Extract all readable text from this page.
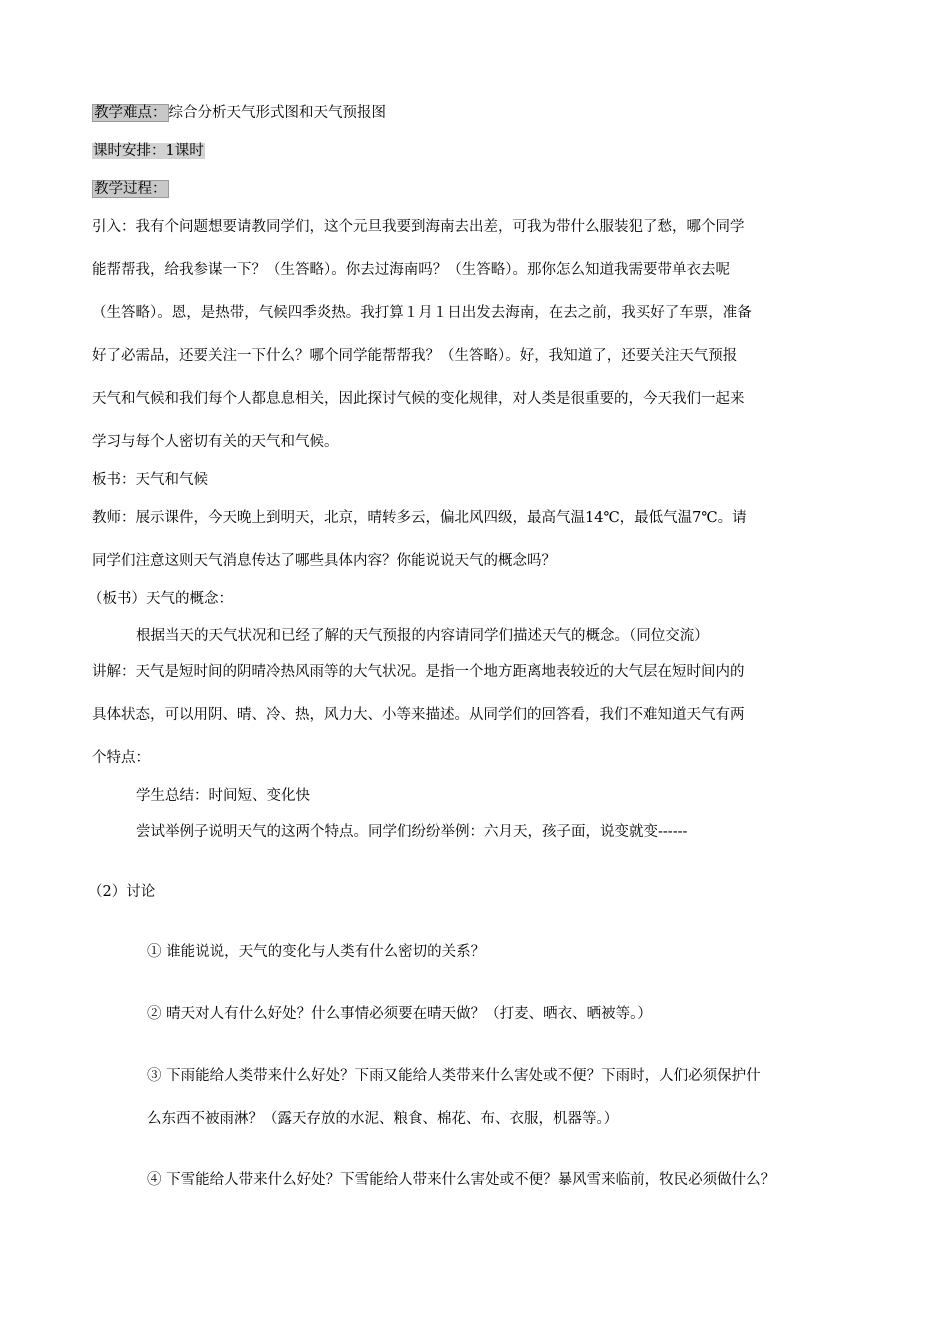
教学难点： 综合分析天气形式图和天气预报图
课时安排：1课时
教学过程：
引入：我有个问题想要请教同学们，这个元旦我要到海南去出差，可我为带什么服装犯了愁，哪个同学
能帮帮我，给我参谋一下？（生答略）。你去过海南吗？（生答略）。那你怎么知道我需要带单衣去呢
（生答略）。恩，是热带，气候四季炎热。我打算１月１日出发去海南，在去之前，我买好了车票，准备
好了必需品，还要关注一下什么？哪个同学能帮帮我？（生答略）。好，我知道了，还要关注天气预报
天气和气候和我们每个人都息息相关，因此探讨气候的变化规律，对人类是很重要的，今天我们一起来
学习与每个人密切有关的天气和气候。
板书：天气和气候
教师：展示课件，今天晚上到明天，北京，晴转多云，偏北风四级，最高气温14℃，最低气温7℃。请
同学们注意这则天气消息传达了哪些具体内容？你能说说天气的概念吗？
（板书）天气的概念：
根据当天的天气状况和已经了解的天气预报的内容请同学们描述天气的概念。（同位交流）
讲解：天气是短时间的阴晴冷热风雨等的大气状况。是指一个地方距离地表较近的大气层在短时间内的
具体状态，可以用阴、晴、冷、热，风力大、小等来描述。从同学们的回答看，我们不难知道天气有两
个特点：
学生总结：时间短、变化快
尝试举例子说明天气的这两个特点。同学们纷纷举例：六月天，孩子面，说变就变------
（2）讨论
① 谁能说说，天气的变化与人类有什么密切的关系？
② 晴天对人有什么好处？什么事情必须要在晴天做？（打麦、晒衣、晒被等。）
③ 下雨能给人类带来什么好处？下雨又能给人类带来什么害处或不便？下雨时，人们必须保护什
么东西不被雨淋？（露天存放的水泥、粮食、棉花、布、衣服，机器等。）
④ 下雪能给人带来什么好处？下雪能给人带来什么害处或不便？暴风雪来临前，牧民必须做什么？
